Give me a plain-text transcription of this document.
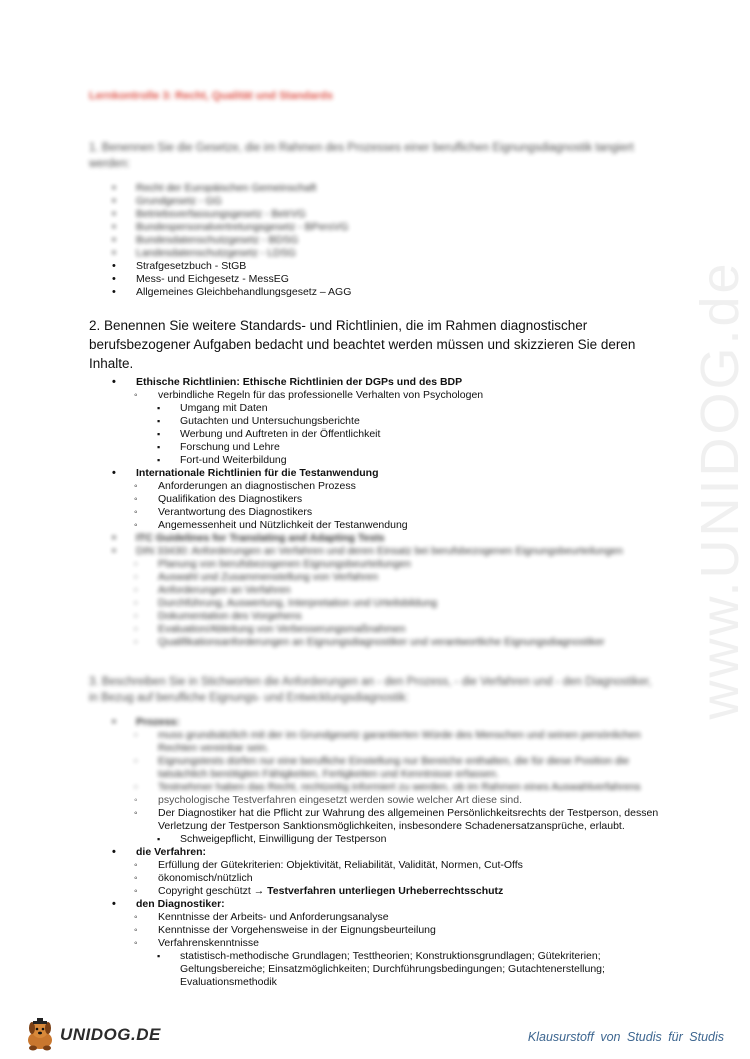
www.UNIDOG.de
Lernkontrolle 3: Recht, Qualität und Standards
1. Benennen Sie die Gesetze, die im Rahmen des Prozesses einer beruflichen Eignungsdiagnostik tangiert werden:
• Recht der Europäischen Gemeinschaft
• Grundgesetz - GG
• Betriebsverfassungsgesetz - BetrVG
• Bundespersonalvertretungsgesetz - BPersVG
• Bundesdatenschutzgesetz - BDSG
• Landesdatenschutzgesetz - LDSG
• Strafgesetzbuch - StGB
• Mess- und Eichgesetz - MessEG
• Allgemeines Gleichbehandlungsgesetz – AGG
2. Benennen Sie weitere Standards- und Richtlinien, die im Rahmen diagnostischer berufsbezogener Aufgaben bedacht und beachtet werden müssen und skizzieren Sie deren Inhalte.
• Ethische Richtlinien: Ethische Richtlinien der DGPs und des BDP
◦ verbindliche Regeln für das professionelle Verhalten von Psychologen
▪ Umgang mit Daten
▪ Gutachten und Untersuchungsberichte
▪ Werbung und Auftreten in der Öffentlichkeit
▪ Forschung und Lehre
▪ Fort-und Weiterbildung
• Internationale Richtlinien für die Testanwendung
◦ Anforderungen an diagnostischen Prozess
◦ Qualifikation des Diagnostikers
◦ Verantwortung des Diagnostikers
◦ Angemessenheit und Nützlichkeit der Testanwendung
• ITC Guidelines for Translating and Adapting Tests
• DIN 33430: Anforderungen an Verfahren und deren Einsatz bei berufsbezogenen Eignungsbeurteilungen
◦ Planung von berufsbezogenen Eignungsbeurteilungen
◦ Auswahl und Zusammenstellung von Verfahren
◦ Anforderungen an Verfahren
◦ Durchführung, Auswertung, Interpretation und Urteilsbildung
◦ Dokumentation des Vorgehens
◦ Evaluation/Ableitung von Verbesserungsmaßnahmen
◦ Qualifikationsanforderungen an Eignungsdiagnostiker und verantwortliche Eignungsdiagnostiker
3. Beschreiben Sie in Stichworten die Anforderungen an - den Prozess, - die Verfahren und - den Diagnostiker, in Bezug auf berufliche Eignungs- und Entwicklungsdiagnostik:
• Prozess:
◦ muss grundsätzlich mit der im Grundgesetz garantierten Würde des Menschen und seinen persönlichen Rechten vereinbar sein.
◦ Eignungstests dürfen nur eine berufliche Einstellung nur Bereiche enthalten, die für diese Position die tatsächlich benötigten Fähigkeiten, Fertigkeiten und Kenntnisse erfassen.
◦ Testnehmer haben das Recht, rechtzeitig informiert zu werden, ob im Rahmen eines Auswahlverfahrens
◦ psychologische Testverfahren eingesetzt werden sowie welcher Art diese sind.
◦ Der Diagnostiker hat die Pflicht zur Wahrung des allgemeinen Persönlichkeitsrechts der Testperson, dessen Verletzung der Testperson Sanktionsmöglichkeiten, insbesondere Schadenersatzansprüche, erlaubt.
▪ Schweigepflicht, Einwilligung der Testperson
• die Verfahren:
◦ Erfüllung der Gütekriterien: Objektivität, Reliabilität, Validität, Normen, Cut-Offs
◦ ökonomisch/nützlich
◦ Copyright geschützt → Testverfahren unterliegen Urheberrechtsschutz
• den Diagnostiker:
◦ Kenntnisse der Arbeits- und Anforderungsanalyse
◦ Kenntnisse der Vorgehensweise in der Eignungsbeurteilung
◦ Verfahrenskenntnisse
▪ statistisch-methodische Grundlagen; Testtheorien; Konstruktionsgrundlagen; Gütekriterien; Geltungsbereiche; Einsatzmöglichkeiten; Durchführungsbedingungen; Gutachtenerstellung; Evaluationsmethodik
UNIDOG.DE	Klausurstoff von Studis für Studis
